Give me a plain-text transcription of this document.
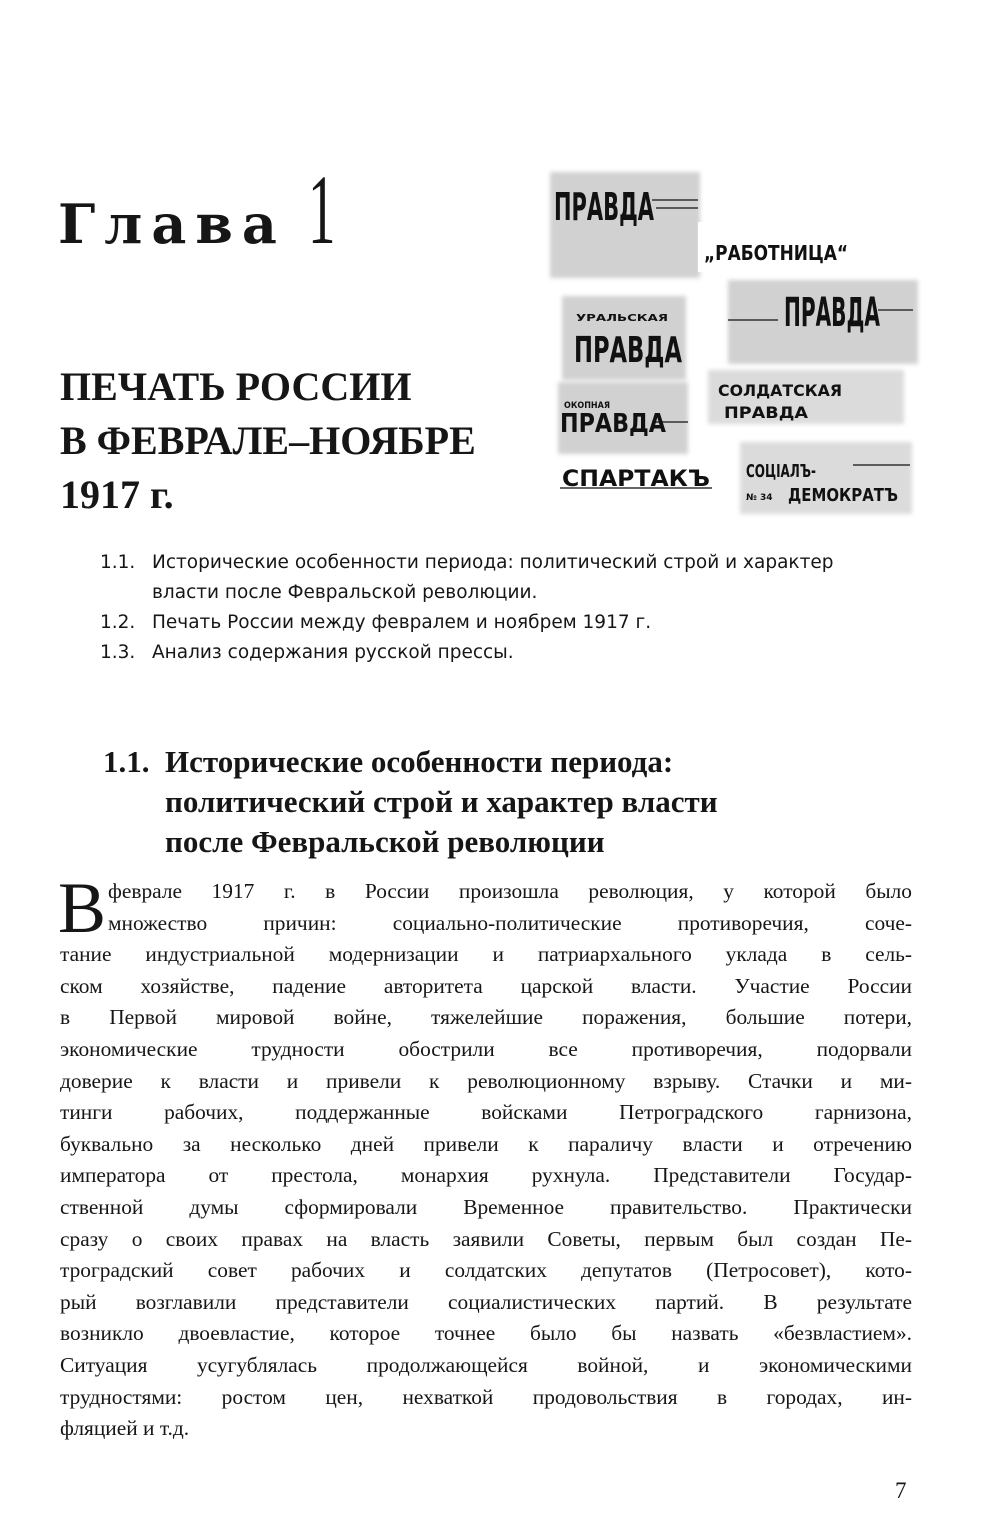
Глава 1
ПЕЧАТЬ РОССИИ
В ФЕВРАЛЕ–НОЯБРЕ
1917 г.
ПРАВДА
„РАБОТНИЦА“
УРАЛЬСКАЯ
ПРАВДА
ПРАВДА
СОЛДАТСКАЯ
ПРАВДА
ОКОПНАЯ
ПРАВДА
СПАРТАКЪ СОЦIАЛЪ-
ДЕМОКРАТЪ
№ 34
1.1. Исторические особенности периода: политический строй и характер
власти после Февральской революции.
1.2. Печать России между февралем и ноябрем 1917 г.
1.3. Анализ содержания русской прессы.
1.1. Исторические особенности периода:
политический строй и характер власти
после Февральской революции
В феврале 1917 г. в России произошла революция, у которой было
множество причин: социально-политические противоречия, соче-
тание индустриальной модернизации и патриархального уклада в сель-
ском хозяйстве, падение авторитета царской власти. Участие России
в Первой мировой войне, тяжелейшие поражения, большие потери,
экономические трудности обострили все противоречия, подорвали
доверие к власти и привели к революционному взрыву. Стачки и ми-
тинги рабочих, поддержанные войсками Петроградского гарнизона,
буквально за несколько дней привели к параличу власти и отречению
императора от престола, монархия рухнула. Представители Государ-
ственной думы сформировали Временное правительство. Практически
сразу о своих правах на власть заявили Советы, первым был создан Пе-
троградский совет рабочих и солдатских депутатов (Петросовет), кото-
рый возглавили представители социалистических партий. В результате
возникло двоевластие, которое точнее было бы назвать «безвластием».
Ситуация усугублялась продолжающейся войной, и экономическими
трудностями: ростом цен, нехваткой продовольствия в городах, ин-
фляцией и т.д.

7
